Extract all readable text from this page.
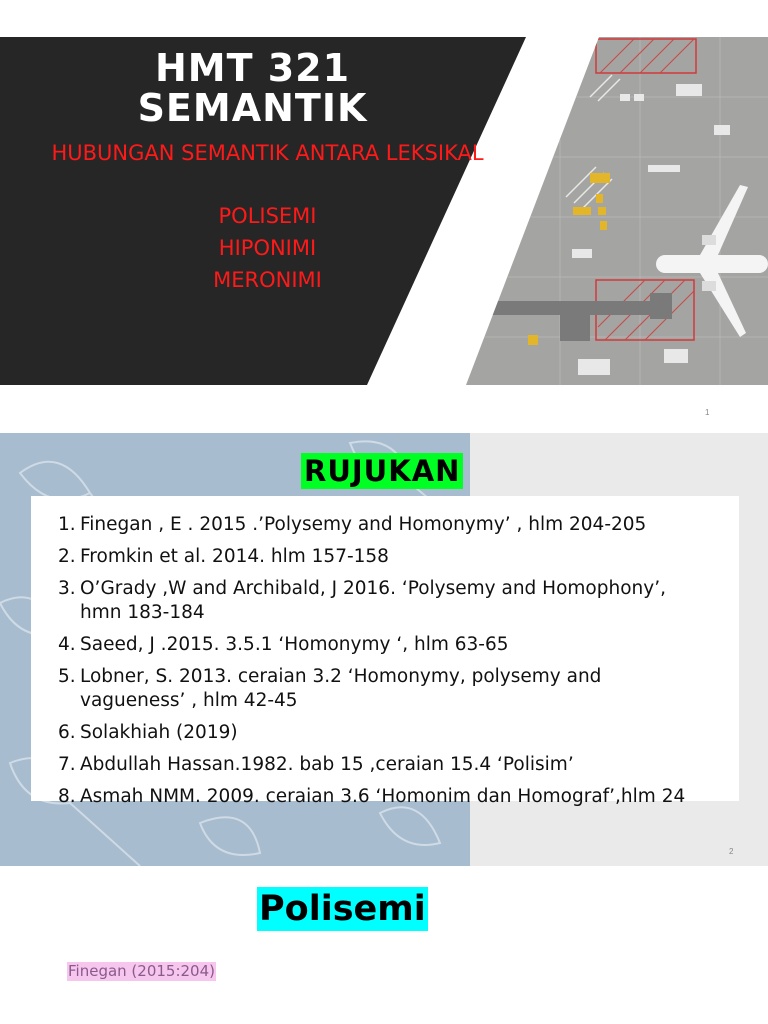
HMT 321
SEMANTIK
HUBUNGAN SEMANTIK ANTARA LEKSIKAL
POLISEMI
HIPONIMI
MERONIMI
1
RUJUKAN
1. Finegan , E . 2015 .’Polysemy and Homonymy’ , hlm 204-205
2. Fromkin et al. 2014. hlm 157-158
3. O’Grady ,W and Archibald, J 2016. ‘Polysemy and Homophony’, hmn 183-184
4. Saeed, J .2015. 3.5.1 ‘Homonymy ‘, hlm 63-65
5. Lobner, S. 2013. ceraian 3.2 ‘Homonymy, polysemy and vagueness’ , hlm 42-45
6. Solakhiah (2019)
7. Abdullah Hassan.1982. bab 15 ,ceraian 15.4 ‘Polisim’
8. Asmah NMM. 2009. ceraian 3.6 ‘Homonim dan Homograf’,hlm 24
2
Polisemi
Finegan (2015:204)
